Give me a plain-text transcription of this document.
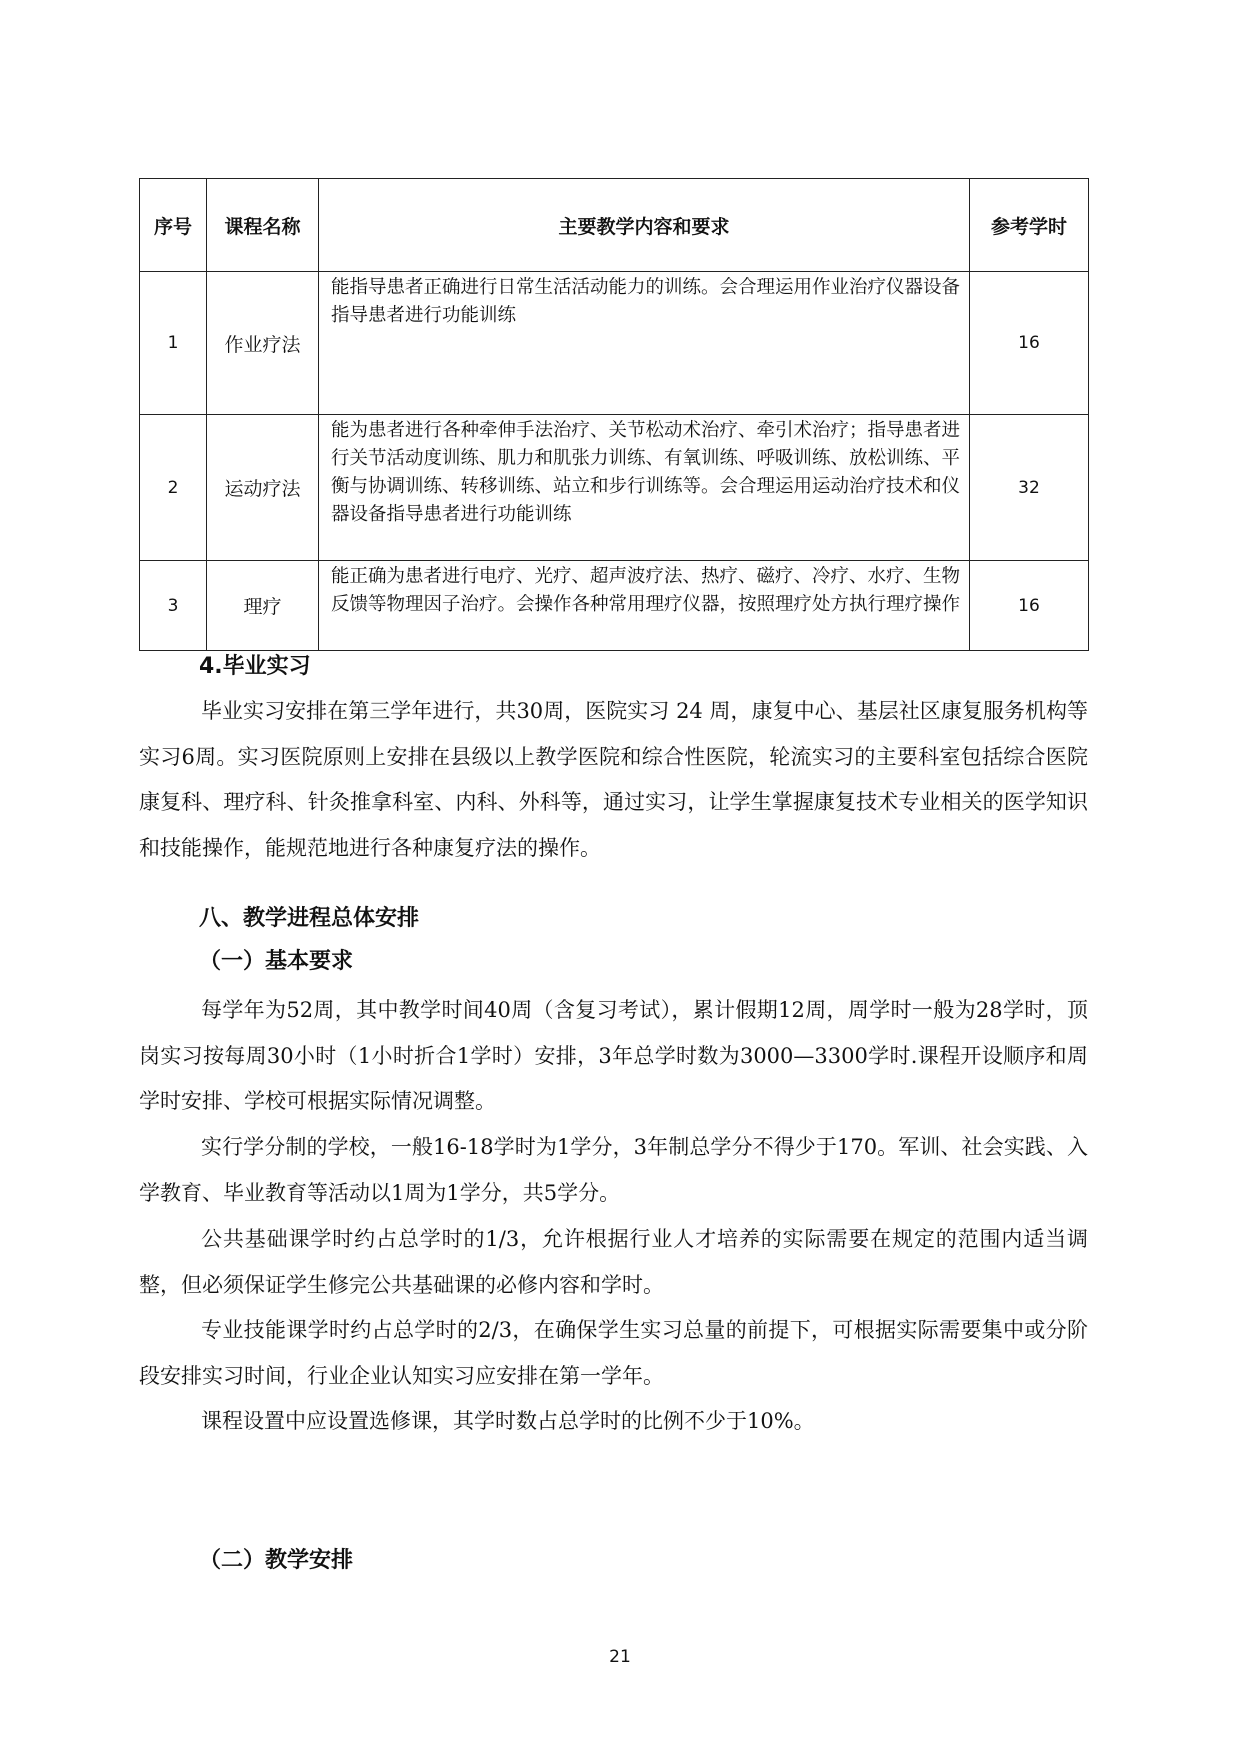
序号	课程名称	主要教学内容和要求	参考学时
1	作业疗法	能指导患者正确进行日常生活活动能力的训练。会合理运用作业治疗仪器设备指导患者进行功能训练	16
2	运动疗法	能为患者进行各种牵伸手法治疗、关节松动术治疗、牵引术治疗；指导患者进行关节活动度训练、肌力和肌张力训练、有氧训练、呼吸训练、放松训练、平衡与协调训练、转移训练、站立和步行训练等。会合理运用运动治疗技术和仪器设备指导患者进行功能训练	32
3	理疗	能正确为患者进行电疗、光疗、超声波疗法、热疗、磁疗、冷疗、水疗、生物反馈等物理因子治疗。会操作各种常用理疗仪器，按照理疗处方执行理疗操作	16
4.毕业实习
毕业实习安排在第三学年进行，共30周，医院实习 24 周，康复中心、基层社区康复服务机构等实习6周。实习医院原则上安排在县级以上教学医院和综合性医院，轮流实习的主要科室包括综合医院康复科、理疗科、针灸推拿科室、内科、外科等，通过实习，让学生掌握康复技术专业相关的医学知识和技能操作，能规范地进行各种康复疗法的操作。
八、教学进程总体安排
（一）基本要求
每学年为52周，其中教学时间40周（含复习考试），累计假期12周，周学时一般为28学时，顶岗实习按每周30小时（1小时折合1学时）安排，3年总学时数为3000—3300学时.课程开设顺序和周学时安排、学校可根据实际情况调整。
实行学分制的学校，一般16-18学时为1学分，3年制总学分不得少于170。军训、社会实践、入学教育、毕业教育等活动以1周为1学分，共5学分。
公共基础课学时约占总学时的1/3，允许根据行业人才培养的实际需要在规定的范围内适当调整，但必须保证学生修完公共基础课的必修内容和学时。
专业技能课学时约占总学时的2/3，在确保学生实习总量的前提下，可根据实际需要集中或分阶段安排实习时间，行业企业认知实习应安排在第一学年。
课程设置中应设置选修课，其学时数占总学时的比例不少于10%。
（二）教学安排
21
